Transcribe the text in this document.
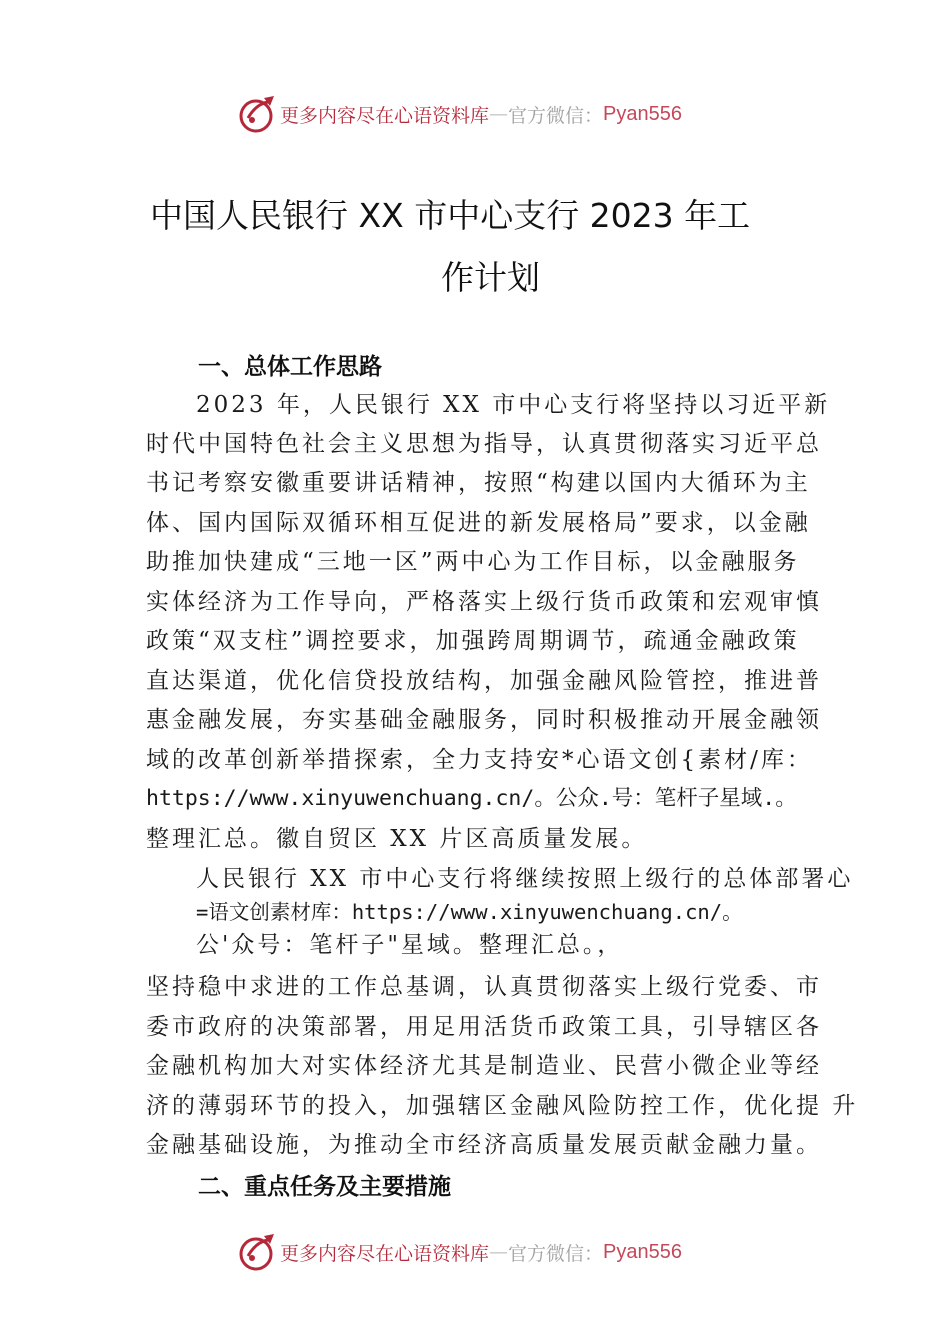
更多内容尽在心语资料库 — 官方微信： Pyan556
中国人民银行 XX 市中心支行 2023 年工
作计划
一、总体工作思路
2023 年，人民银行 XX 市中心支行将坚持以习近平新
时代中国特色社会主义思想为指导，认真贯彻落实习近平总
书记考察安徽重要讲话精神，按照“构建以国内大循环为主
体、国内国际双循环相互促进的新发展格局”要求，以金融
助推加快建成“三地一区”两中心为工作目标，以金融服务
实体经济为工作导向，严格落实上级行货币政策和宏观审慎
政策“双支柱”调控要求，加强跨周期调节，疏通金融政策
直达渠道，优化信贷投放结构，加强金融风险管控，推进普
惠金融发展，夯实基础金融服务，同时积极推动开展金融领
域的改革创新举措探索，全力支持安*心语文创{素材/库：
https://www.xinyuwenchuang.cn/。公众.号：笔杆子星域.。
整理汇总。徽自贸区 XX 片区高质量发展。
人民银行 XX 市中心支行将继续按照上级行的总体部署心
=语文创素材库：https://www.xinyuwenchuang.cn/。
公'众号：笔杆子"星域。整理汇总。，
坚持稳中求进的工作总基调，认真贯彻落实上级行党委、市
委市政府的决策部署，用足用活货币政策工具，引导辖区各
金融机构加大对实体经济尤其是制造业、民营小微企业等经
济的薄弱环节的投入，加强辖区金融风险防控工作，优化提 升
金融基础设施，为推动全市经济高质量发展贡献金融力量。
二、重点任务及主要措施
更多内容尽在心语资料库 — 官方微信： Pyan556
